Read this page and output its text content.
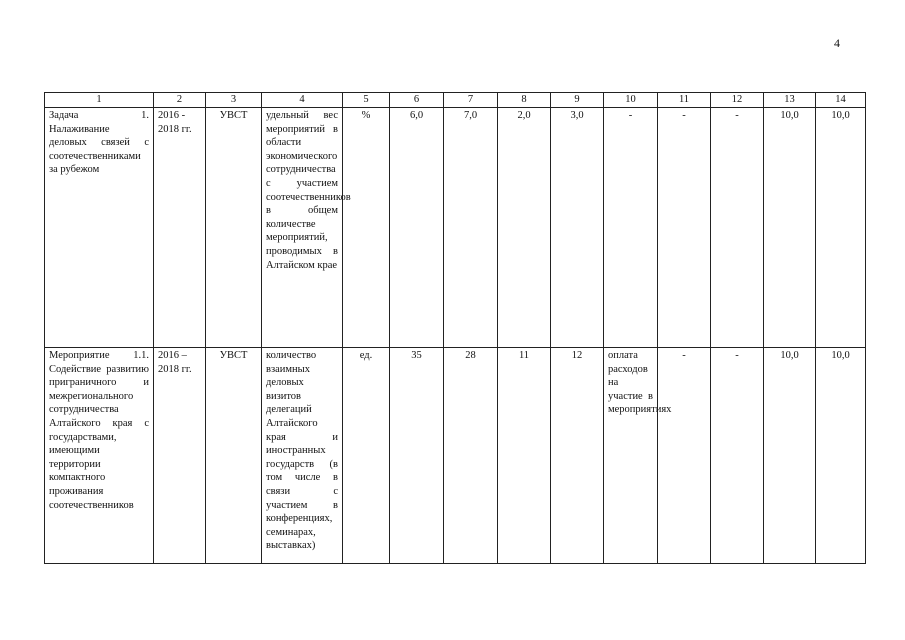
4
1	2	3	4	5	6	7	8	9	10	11	12	13	14
Задача 1. Налаживание деловых связей с соотечественниками за рубежом	2016 - 2018 гг.	УВСТ	удельный вес мероприятий в области экономического сотрудничества с участием соотечественников в общем количестве мероприятий, проводимых в Алтайском крае	%	6,0	7,0	2,0	3,0	-	-	-	10,0	10,0
Мероприятие 1.1. Содействие развитию приграничного и межрегионального сотрудничества Алтайского края с государствами, имеющими территории компактного проживания соотечественников	2016 – 2018 гг.	УВСТ	количество взаимных деловых визитов делегаций Алтайского края и иностранных государств (в том числе в связи с участием в конференциях, семинарах, выставках)	ед.	35	28	11	12	оплата расходов на участие в мероприятиях	-	-	10,0	10,0
